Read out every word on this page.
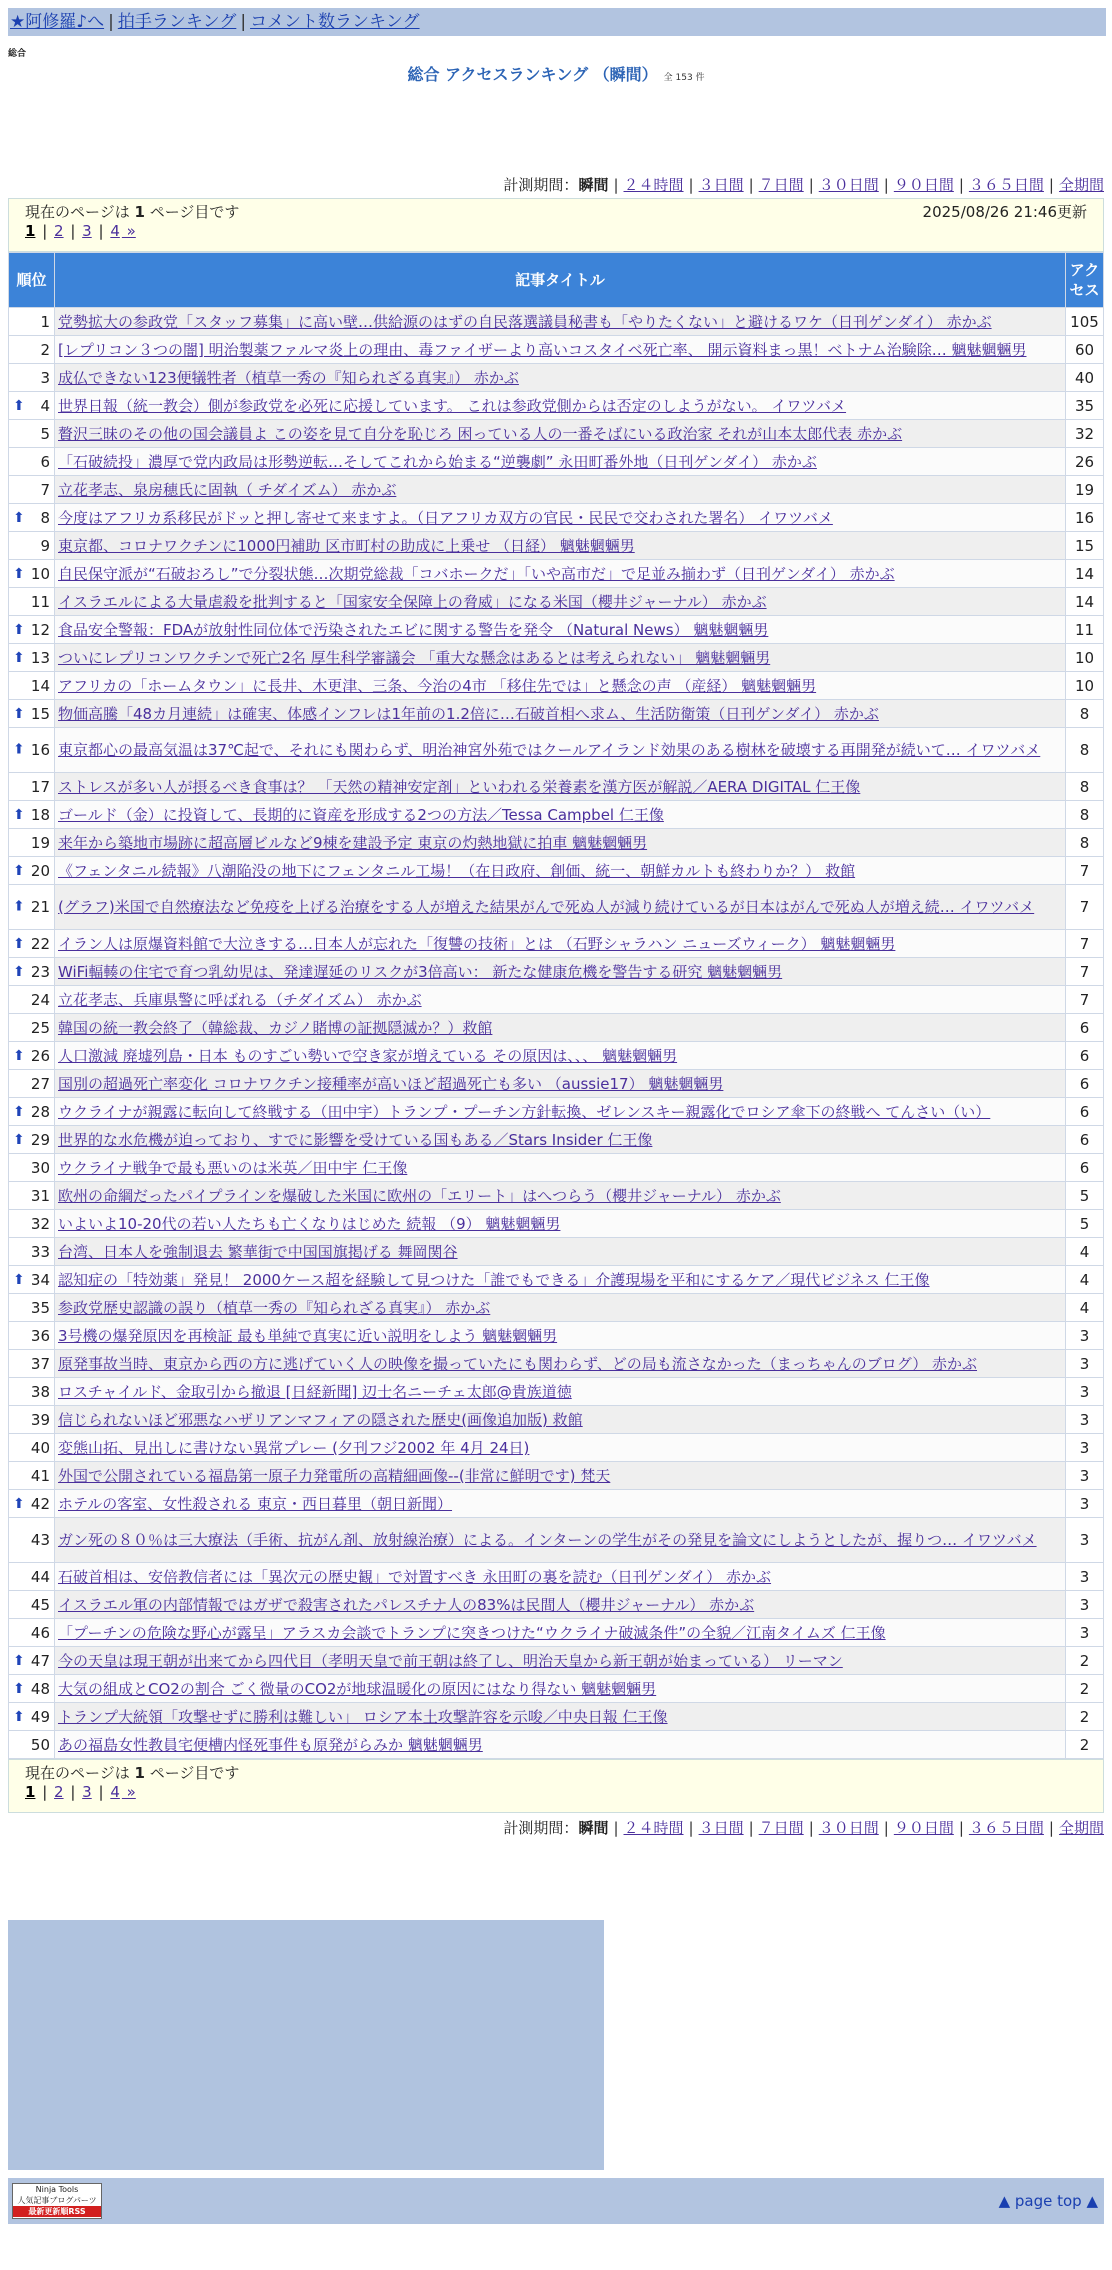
★阿修羅♪へ | 拍手ランキング | コメント数ランキング
総合
総合 アクセスランキング （瞬間） 全 153 件
計測期間：瞬間 | ２４時間 | ３日間 | ７日間 | ３０日間 | ９０日間 | ３６５日間 | 全期間
現在のページは 1 ページ目です	2025/08/26 21:46更新
1 | 2 | 3 | 4 »
順位	記事タイトル	アクセス
1	党勢拡大の参政党「スタッフ募集」に高い壁…供給源のはずの自民落選議員秘書も「やりたくない」と避けるワケ（日刊ゲンダイ） 赤かぶ	105
2	[レプリコン３つの闇] 明治製薬ファルマ炎上の理由、毒ファイザーより高いコスタイベ死亡率、 開示資料まっ黒！ベトナム治験除… 魑魅魍魎男	60
3	成仏できない123便犠牲者（植草一秀の『知られざる真実』） 赤かぶ	40

⬆ 4	世界日報（統一教会）側が参政党を必死に応援しています。 これは参政党側からは否定のしようがない。 イワツバメ	35
5	贅沢三昧のその他の国会議員よ この姿を見て自分を恥じろ 困っている人の一番そばにいる政治家 それが山本太郎代表 赤かぶ	32
6	「石破続投」濃厚で党内政局は形勢逆転…そしてこれから始まる“逆襲劇” 永田町番外地（日刊ゲンダイ） 赤かぶ	26
7	立花孝志、泉房穂氏に固執（ チダイズム） 赤かぶ	19

⬆ 8	今度はアフリカ系移民がドッと押し寄せて来ますよ。（日アフリカ双方の官民・民民で交わされた署名） イワツバメ	16
9	東京都、コロナワクチンに1000円補助 区市町村の助成に上乗せ （日経） 魑魅魍魎男	15

⬆ 10	自民保守派が“石破おろし”で分裂状態…次期党総裁「コバホークだ」「いや高市だ」で足並み揃わず（日刊ゲンダイ） 赤かぶ	14
11	イスラエルによる大量虐殺を批判すると「国家安全保障上の脅威」になる米国（櫻井ジャーナル） 赤かぶ	14

⬆ 12	食品安全警報：FDAが放射性同位体で汚染されたエビに関する警告を発令 （Natural News） 魑魅魍魎男	11

⬆ 13	ついにレプリコンワクチンで死亡2名 厚生科学審議会 「重大な懸念はあるとは考えられない」 魑魅魍魎男	10
14	アフリカの「ホームタウン」に長井、木更津、三条、今治の4市 「移住先では」と懸念の声 （産経） 魑魅魍魎男	10

⬆ 15	物価高騰「48カ月連続」は確実、体感インフレは1年前の1.2倍に…石破首相へ求ム、生活防衛策（日刊ゲンダイ） 赤かぶ	8

⬆ 16	東京都心の最高気温は37℃起で、それにも関わらず、明治神宮外苑ではクールアイランド効果のある樹林を破壊する再開発が続いて… イワツバメ	8
17	ストレスが多い人が摂るべき食事は？ 「天然の精神安定剤」といわれる栄養素を漢方医が解説／AERA DIGITAL 仁王像	8

⬆ 18	ゴールド（金）に投資して、長期的に資産を形成する2つの方法／Tessa Campbel 仁王像	8
19	来年から築地市場跡に超高層ビルなど9棟を建設予定 東京の灼熱地獄に拍車 魑魅魍魎男	8

⬆ 20	《フェンタニル続報》八潮陥没の地下にフェンタニル工場！（在日政府、創価、統一、朝鮮カルトも終わりか？） 救館	7

⬆ 21	(グラフ)米国で自然療法など免疫を上げる治療をする人が増えた結果がんで死ぬ人が減り続けているが日本はがんで死ぬ人が増え続… イワツバメ	7

⬆ 22	イラン人は原爆資料館で大泣きする…日本人が忘れた「復讐の技術」とは （石野シャラハン ニューズウィーク） 魑魅魍魎男	7

⬆ 23	WiFi輻輳の住宅で育つ乳幼児は、発達遅延のリスクが3倍高い： 新たな健康危機を警告する研究 魑魅魍魎男	7
24	立花孝志、兵庫県警に呼ばれる（チダイズム） 赤かぶ	7
25	韓国の統一教会終了（韓総裁、カジノ賭博の証拠隠滅か？）救館	6

⬆ 26	人口激減 廃墟列島・日本 ものすごい勢いで空き家が増えている その原因は、、、 魑魅魍魎男	6
27	国別の超過死亡率変化 コロナワクチン接種率が高いほど超過死亡も多い （aussie17） 魑魅魍魎男	6

⬆ 28	ウクライナが親露に転向して終戦する（田中宇）トランプ・プーチン方針転換、ゼレンスキー親露化でロシア傘下の終戦へ てんさい（い）	6

⬆ 29	世界的な水危機が迫っており、すでに影響を受けている国もある／Stars Insider 仁王像	6
30	ウクライナ戦争で最も悪いのは米英／田中宇 仁王像	6
31	欧州の命綱だったパイプラインを爆破した米国に欧州の「エリート」はへつらう（櫻井ジャーナル） 赤かぶ	5
32	いよいよ10-20代の若い人たちも亡くなりはじめた 続報 （9） 魑魅魍魎男	5
33	台湾、日本人を強制退去 繁華街で中国国旗掲げる 舞岡関谷	4

⬆ 34	認知症の「特効薬」発見！ 2000ケース超を経験して見つけた「誰でもできる」介護現場を平和にするケア／現代ビジネス 仁王像	4
35	参政党歴史認識の誤り（植草一秀の『知られざる真実』） 赤かぶ	4
36	3号機の爆発原因を再検証 最も単純で真実に近い説明をしよう 魑魅魍魎男	3
37	原発事故当時、東京から西の方に逃げていく人の映像を撮っていたにも関わらず、どの局も流さなかった（まっちゃんのブログ） 赤かぶ	3
38	ロスチャイルド、金取引から撤退 [日経新聞] 辺士名ニーチェ太郎@貴族道徳	3
39	信じられないほど邪悪なハザリアンマフィアの隠された歴史(画像追加版) 救館	3
40	変態山拓、見出しに書けない異常プレー (夕刊フジ2002 年 4月 24日)	3
41	外国で公開されている福島第一原子力発電所の高精細画像--(非常に鮮明です) 梵天	3

⬆ 42	ホテルの客室、女性殺される 東京・西日暮里（朝日新聞）	3
43	ガン死の８０％は三大療法（手術、抗がん剤、放射線治療）による。インターンの学生がその発見を論文にしようとしたが、握りつ… イワツバメ	3
44	石破首相は、安倍教信者には「異次元の歴史観」で対置すべき 永田町の裏を読む（日刊ゲンダイ） 赤かぶ	3
45	イスラエル軍の内部情報ではガザで殺害されたパレスチナ人の83%は民間人（櫻井ジャーナル） 赤かぶ	3
46	「プーチンの危険な野心が露呈」アラスカ会談でトランプに突きつけた“ウクライナ破滅条件”の全貌／江南タイムズ 仁王像	3

⬆ 47	今の天皇は現王朝が出来てから四代目（孝明天皇で前王朝は終了し、明治天皇から新王朝が始まっている） リーマン	2

⬆ 48	大気の組成とCO2の割合 ごく微量のCO2が地球温暖化の原因にはなり得ない 魑魅魍魎男	2

⬆ 49	トランプ大統領「攻撃せずに勝利は難しい」 ロシア本土攻撃許容を示唆／中央日報 仁王像	2
50	あの福島女性教員宅便槽内怪死事件も原発がらみか 魑魅魍魎男	2
現在のページは 1 ページ目です
1 | 2 | 3 | 4 »
計測期間：瞬間 | ２４時間 | ３日間 | ７日間 | ３０日間 | ９０日間 | ３６５日間 | 全期間
Ninja Tools
人気記事ブログパーツ
最新更新順RSS
▲ page top ▲
